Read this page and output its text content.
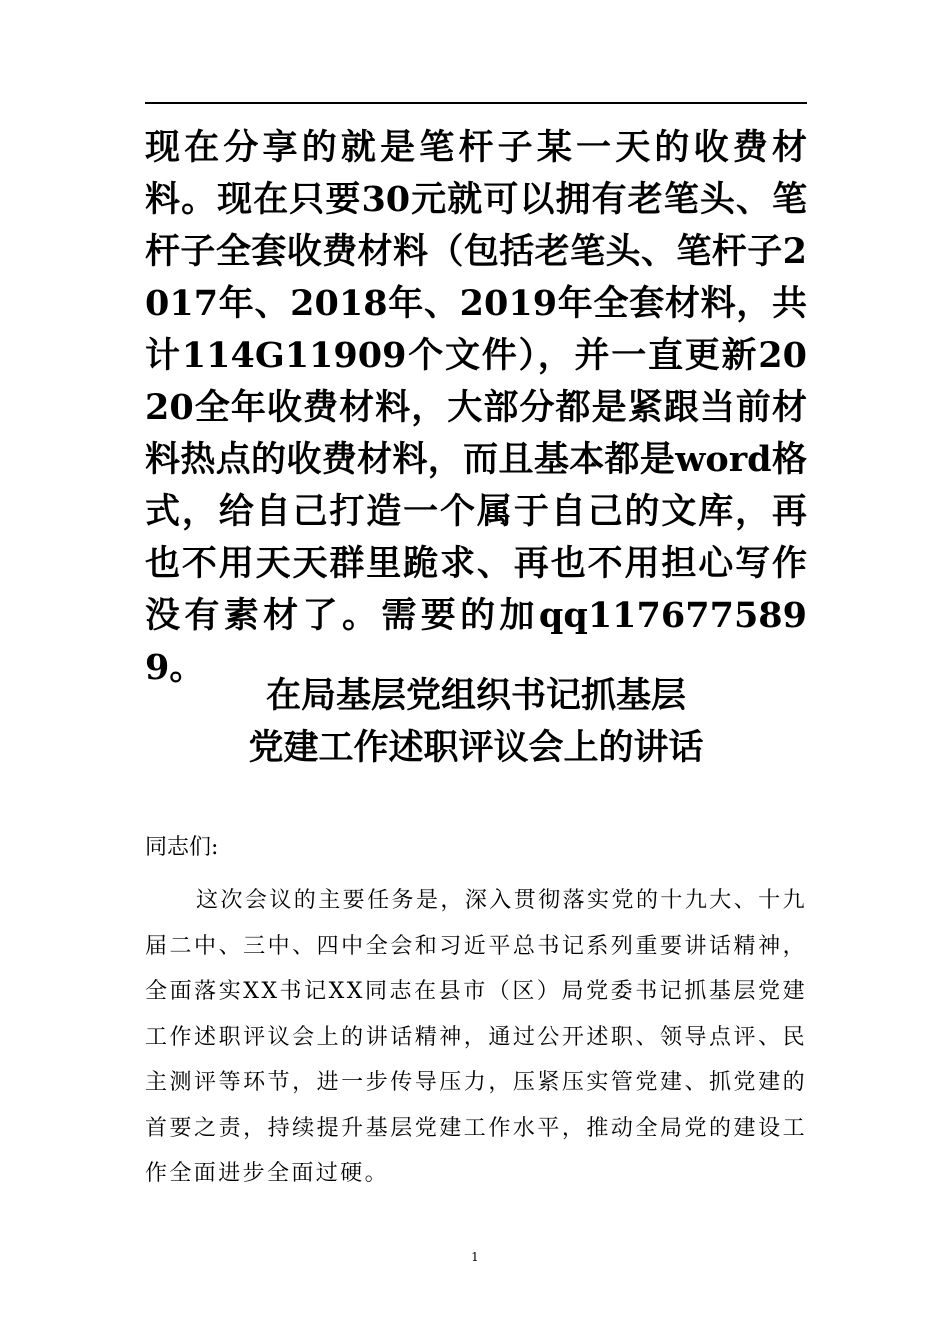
现在分享的就是笔杆子某一天的收费材料。现在只要30元就可以拥有老笔头、笔杆子全套收费材料（包括老笔头、笔杆子2017年、2018年、2019年全套材料，共计114G11909个文件），并一直更新2020全年收费材料，大部分都是紧跟当前材料热点的收费材料，而且基本都是word格式，给自己打造一个属于自己的文库，再也不用天天群里跪求、再也不用担心写作没有素材了。需要的加qq1176775899。

在局基层党组织书记抓基层
党建工作述职评议会上的讲话

同志们:

这次会议的主要任务是，深入贯彻落实党的十九大、十九届二中、三中、四中全会和习近平总书记系列重要讲话精神，全面落实XX书记XX同志在县市（区）局党委书记抓基层党建工作述职评议会上的讲话精神，通过公开述职、领导点评、民主测评等环节，进一步传导压力，压紧压实管党建、抓党建的首要之责，持续提升基层党建工作水平，推动全局党的建设工作全面进步全面过硬。

1
